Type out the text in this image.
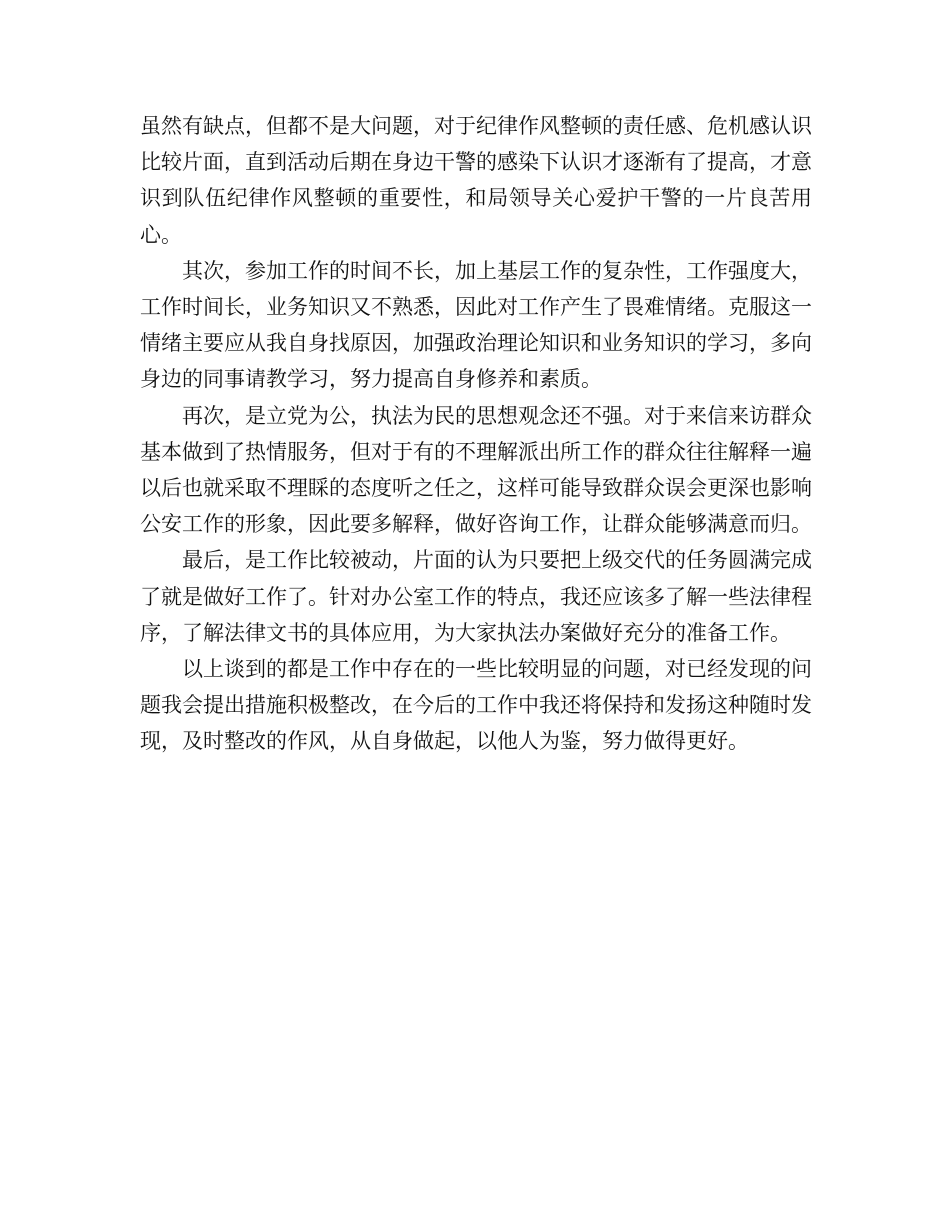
虽然有缺点，但都不是大问题，对于纪律作风整顿的责任感、危机感认识比较片面，直到活动后期在身边干警的感染下认识才逐渐有了提高，才意识到队伍纪律作风整顿的重要性，和局领导关心爱护干警的一片良苦用心。

其次，参加工作的时间不长，加上基层工作的复杂性，工作强度大，工作时间长，业务知识又不熟悉，因此对工作产生了畏难情绪。克服这一情绪主要应从我自身找原因，加强政治理论知识和业务知识的学习，多向身边的同事请教学习，努力提高自身修养和素质。

再次，是立党为公，执法为民的思想观念还不强。对于来信来访群众基本做到了热情服务，但对于有的不理解派出所工作的群众往往解释一遍以后也就采取不理睬的态度听之任之，这样可能导致群众误会更深也影响公安工作的形象，因此要多解释，做好咨询工作，让群众能够满意而归。

最后，是工作比较被动，片面的认为只要把上级交代的任务圆满完成了就是做好工作了。针对办公室工作的特点，我还应该多了解一些法律程序，了解法律文书的具体应用，为大家执法办案做好充分的准备工作。

以上谈到的都是工作中存在的一些比较明显的问题，对已经发现的问题我会提出措施积极整改，在今后的工作中我还将保持和发扬这种随时发现，及时整改的作风，从自身做起，以他人为鉴，努力做得更好。
